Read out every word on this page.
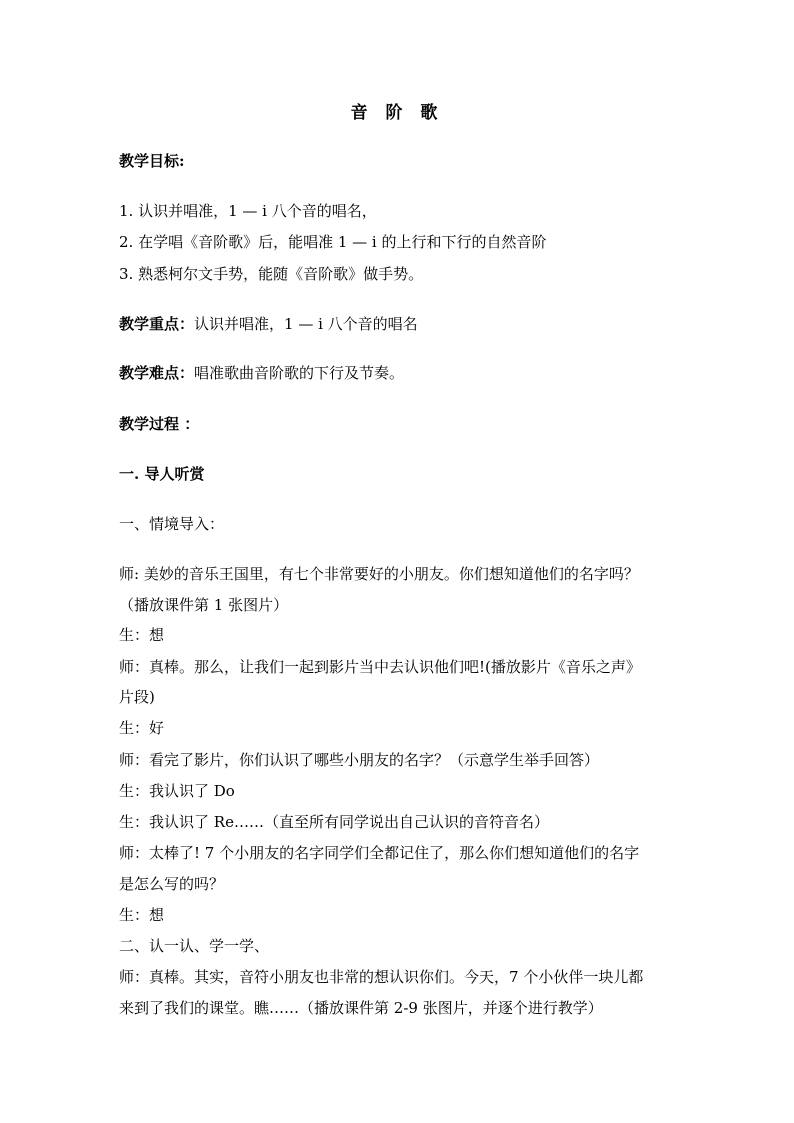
音 阶 歌
教学目标:
1. 认识并唱准，1 — i 八个音的唱名，
2. 在学唱《音阶歌》后，能唱准 1 — i 的上行和下行的自然音阶
3. 熟悉柯尔文手势，能随《音阶歌》做手势。
教学重点：认识并唱准，1 — i 八个音的唱名
教学难点：唱准歌曲音阶歌的下行及节奏。
教学过程 ：
一. 导人听赏
一、情境导入：
师: 美妙的音乐王国里，有七个非常要好的小朋友。你们想知道他们的名字吗？
（播放课件第 1 张图片）
生：想
师：真棒。那么，让我们一起到影片当中去认识他们吧!(播放影片《音乐之声》
片段)
生：好
师：看完了影片，你们认识了哪些小朋友的名字？（示意学生举手回答）
生：我认识了 Do
生：我认识了 Re……（直至所有同学说出自己认识的音符音名）
师：太棒了! 7 个小朋友的名字同学们全都记住了，那么你们想知道他们的名字
是怎么写的吗？
生：想
二、认一认、学一学、
师：真棒。其实，音符小朋友也非常的想认识你们。今天，7 个小伙伴一块儿都
来到了我们的课堂。瞧……（播放课件第 2-9 张图片，并逐个进行教学）
